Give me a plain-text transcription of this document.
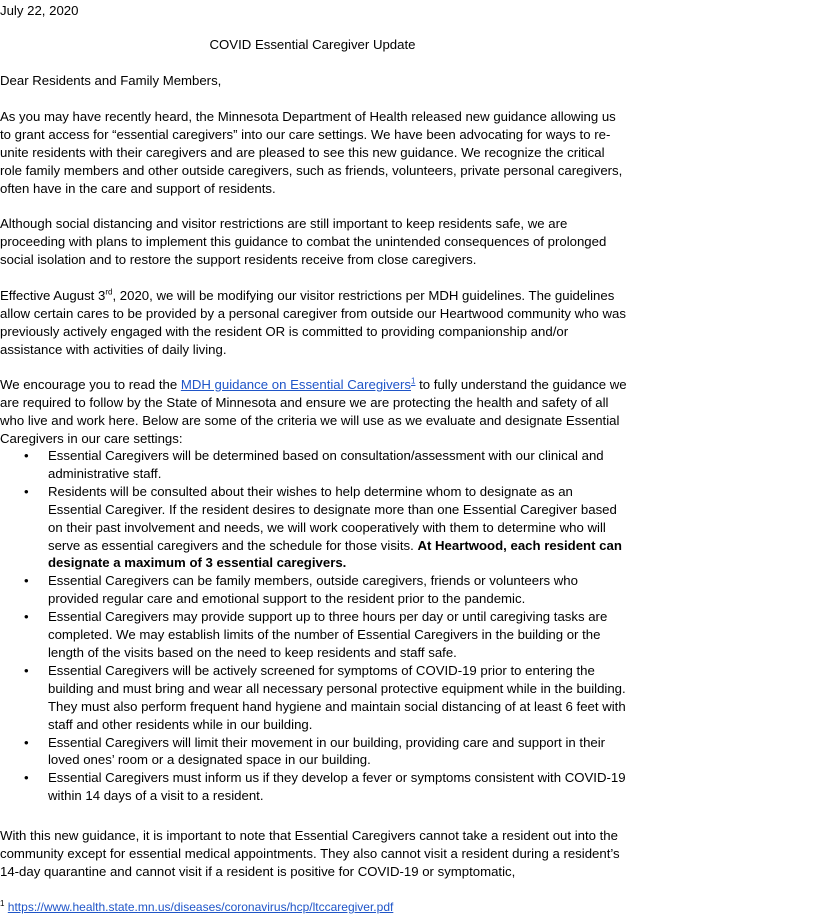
July 22, 2020
COVID Essential Caregiver Update

Dear Residents and Family Members,

As you may have recently heard, the Minnesota Department of Health released new guidance allowing us to grant access for “essential caregivers” into our care settings. We have been advocating for ways to re-unite residents with their caregivers and are pleased to see this new guidance. We recognize the critical role family members and other outside caregivers, such as friends, volunteers, private personal caregivers, often have in the care and support of residents.

Although social distancing and visitor restrictions are still important to keep residents safe, we are proceeding with plans to implement this guidance to combat the unintended consequences of prolonged social isolation and to restore the support residents receive from close caregivers.

Effective August 3rd, 2020, we will be modifying our visitor restrictions per MDH guidelines. The guidelines allow certain cares to be provided by a personal caregiver from outside our Heartwood community who was previously actively engaged with the resident OR is committed to providing companionship and/or assistance with activities of daily living.

We encourage you to read the MDH guidance on Essential Caregivers$^1$ to fully understand the guidance we are required to follow by the State of Minnesota and ensure we are protecting the health and safety of all who live and work here. Below are some of the criteria we will use as we evaluate and designate Essential Caregivers in our care settings:

• Essential Caregivers will be determined based on consultation/assessment with our clinical and administrative staff.
• Residents will be consulted about their wishes to help determine whom to designate as an Essential Caregiver. If the resident desires to designate more than one Essential Caregiver based on their past involvement and needs, we will work cooperatively with them to determine who will serve as essential caregivers and the schedule for those visits. At Heartwood, each resident can designate a maximum of 3 essential caregivers.
• Essential Caregivers can be family members, outside caregivers, friends or volunteers who provided regular care and emotional support to the resident prior to the pandemic.
• Essential Caregivers may provide support up to three hours per day or until caregiving tasks are completed. We may establish limits of the number of Essential Caregivers in the building or the length of the visits based on the need to keep residents and staff safe.
• Essential Caregivers will be actively screened for symptoms of COVID-19 prior to entering the building and must bring and wear all necessary personal protective equipment while in the building. They must also perform frequent hand hygiene and maintain social distancing of at least 6 feet with staff and other residents while in our building.
• Essential Caregivers will limit their movement in our building, providing care and support in their loved ones’ room or a designated space in our building.
• Essential Caregivers must inform us if they develop a fever or symptoms consistent with COVID-19 within 14 days of a visit to a resident.

With this new guidance, it is important to note that Essential Caregivers cannot take a resident out into the community except for essential medical appointments. They also cannot visit a resident during a resident’s 14-day quarantine and cannot visit if a resident is positive for COVID-19 or symptomatic,

$^1$ https://www.health.state.mn.us/diseases/coronavirus/hcp/ltccaregiver.pdf
